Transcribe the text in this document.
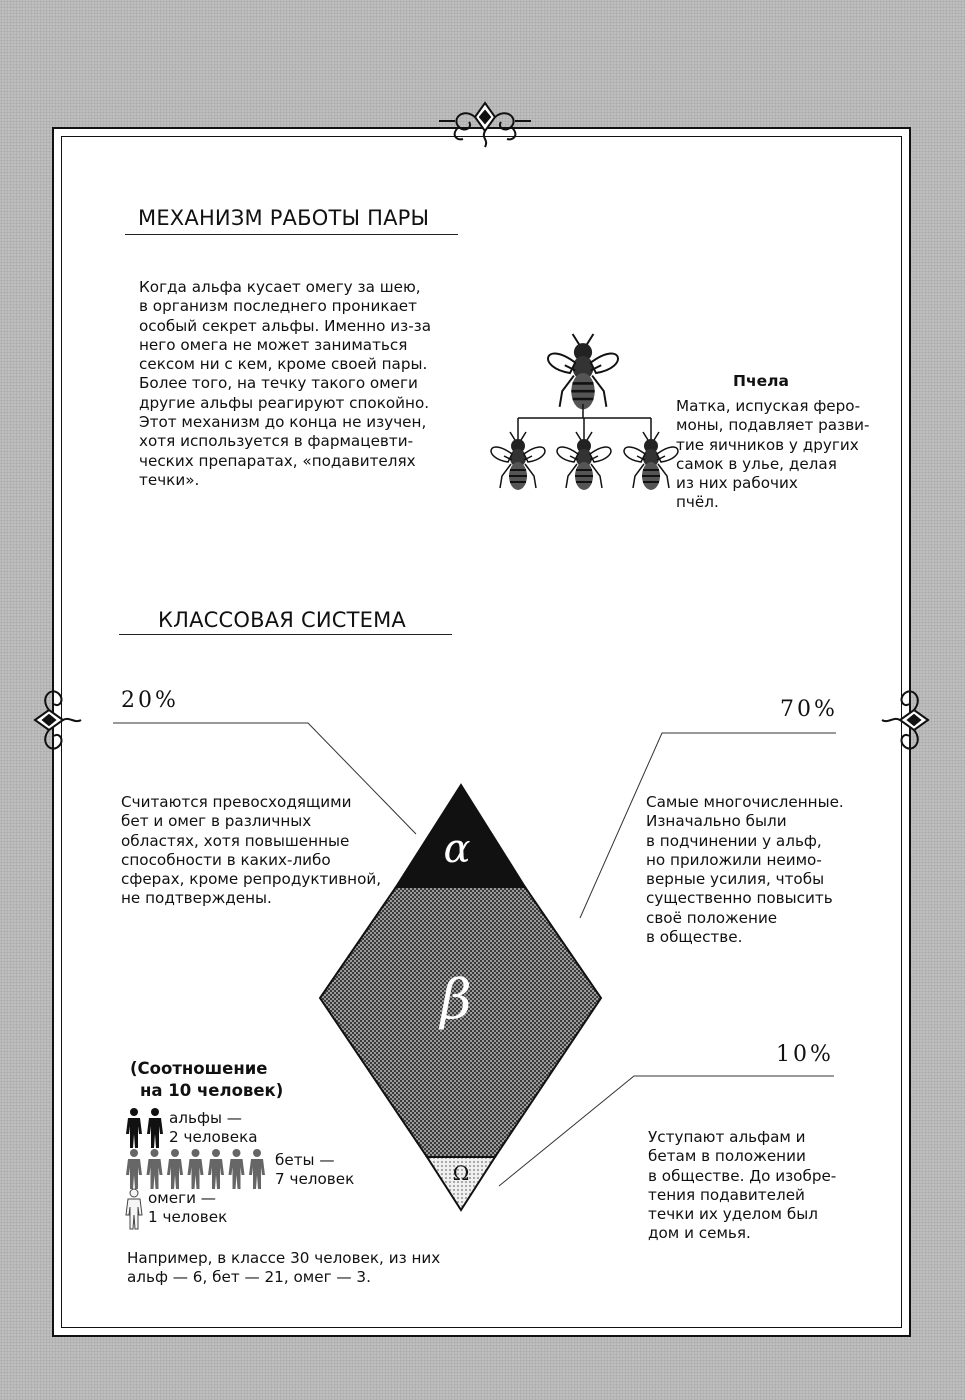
МЕХАНИЗМ РАБОТЫ ПАРЫ
Когда альфа кусает омегу за шею,
в организм последнего проникает
особый секрет альфы. Именно из-за
него омега не может заниматься
сексом ни с кем, кроме своей пары.
Более того, на течку такого омеги
другие альфы реагируют спокойно.
Этот механизм до конца не изучен,
хотя используется в фармацевти-
ческих препаратах, «подавителях
течки».
Пчела
Матка, испуская феро-
моны, подавляет разви-
тие яичников у других
самок в улье, делая
из них рабочих
пчёл.
КЛАССОВАЯ СИСТЕМА
α
β
Ω
20%	70%
10%
Считаются превосходящими
бет и омег в различных
областях, хотя повышенные
способности в каких-либо
сферах, кроме репродуктивной,
не подтверждены.
Самые многочисленные.
Изначально были
в подчинении у альф,
но приложили неимо-
верные усилия, чтобы
существенно повысить
своё положение
в обществе.
Уступают альфам и
бетам в положении
в обществе. До изобре-
тения подавителей
течки их уделом был
дом и семья.
(Соотношение
на 10 человек)
альфы —
2 человека
беты —
7 человек
омеги —
1 человек
Например, в классе 30 человек, из них
альф — 6, бет — 21, омег — 3.
